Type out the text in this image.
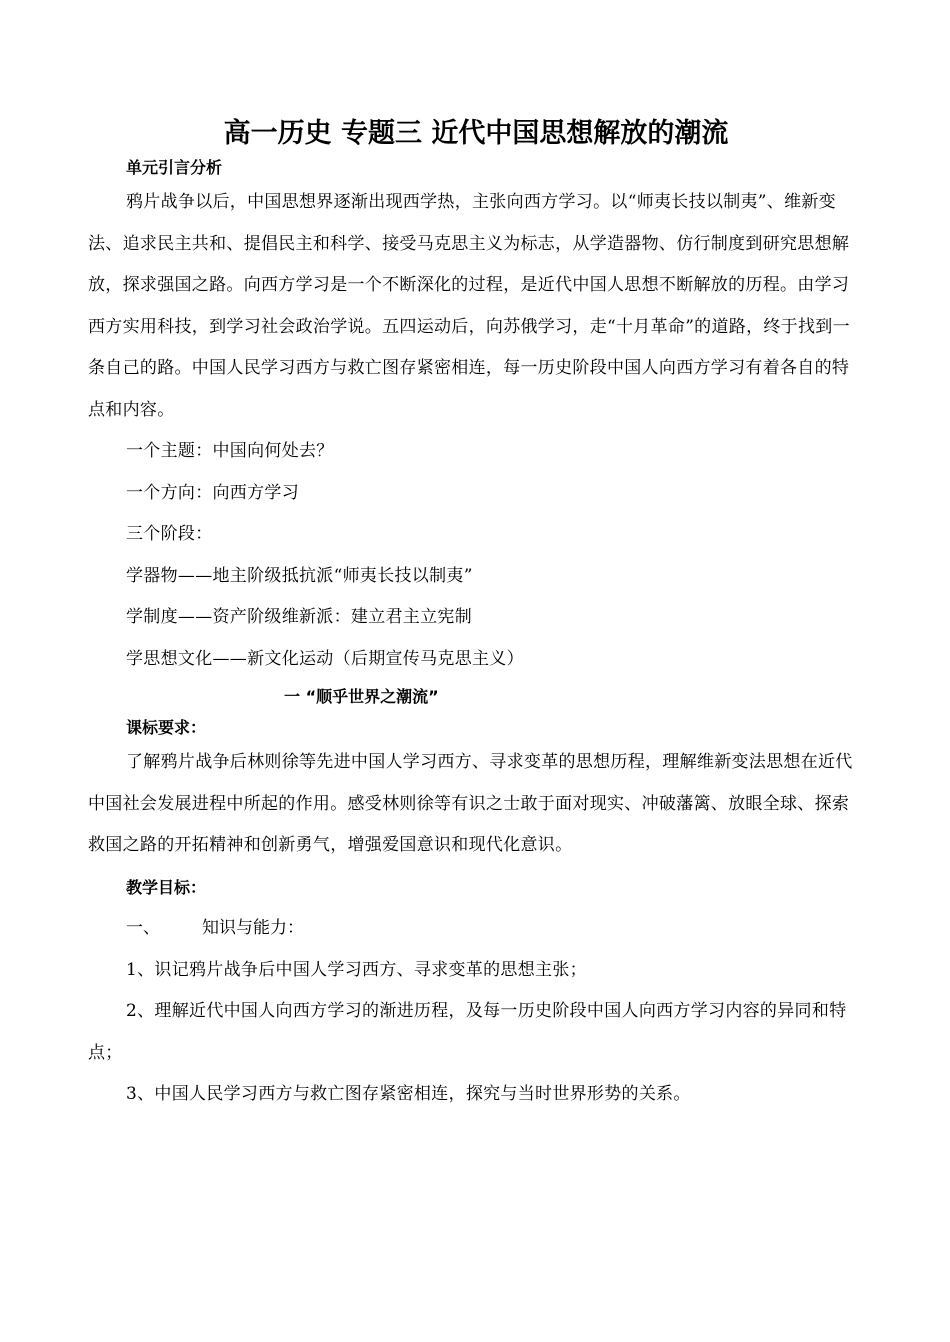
高一历史 专题三 近代中国思想解放的潮流
单元引言分析

鸦片战争以后，中国思想界逐渐出现西学热，主张向西方学习。以“师夷长技以制夷”、维新变法、追求民主共和、提倡民主和科学、接受马克思主义为标志，从学造器物、仿行制度到研究思想解放，探求强国之路。向西方学习是一个不断深化的过程，是近代中国人思想不断解放的历程。由学习西方实用科技，到学习社会政治学说。五四运动后，向苏俄学习，走“十月革命”的道路，终于找到一条自己的路。中国人民学习西方与救亡图存紧密相连，每一历史阶段中国人向西方学习有着各自的特点和内容。

一个主题：中国向何处去？
一个方向：向西方学习
三个阶段：
学器物——地主阶级抵抗派“师夷长技以制夷”
学制度——资产阶级维新派：建立君主立宪制
学思想文化——新文化运动（后期宣传马克思主义）
一 “顺乎世界之潮流”
课标要求：

了解鸦片战争后林则徐等先进中国人学习西方、寻求变革的思想历程，理解维新变法思想在近代中国社会发展进程中所起的作用。感受林则徐等有识之士敢于面对现实、冲破藩篱、放眼全球、探索救国之路的开拓精神和创新勇气，增强爱国意识和现代化意识。

教学目标：
一、 知识与能力：

1、识记鸦片战争后中国人学习西方、寻求变革的思想主张；

2、理解近代中国人向西方学习的渐进历程，及每一历史阶段中国人向西方学习内容的异同和特点；

3、中国人民学习西方与救亡图存紧密相连，探究与当时世界形势的关系。
